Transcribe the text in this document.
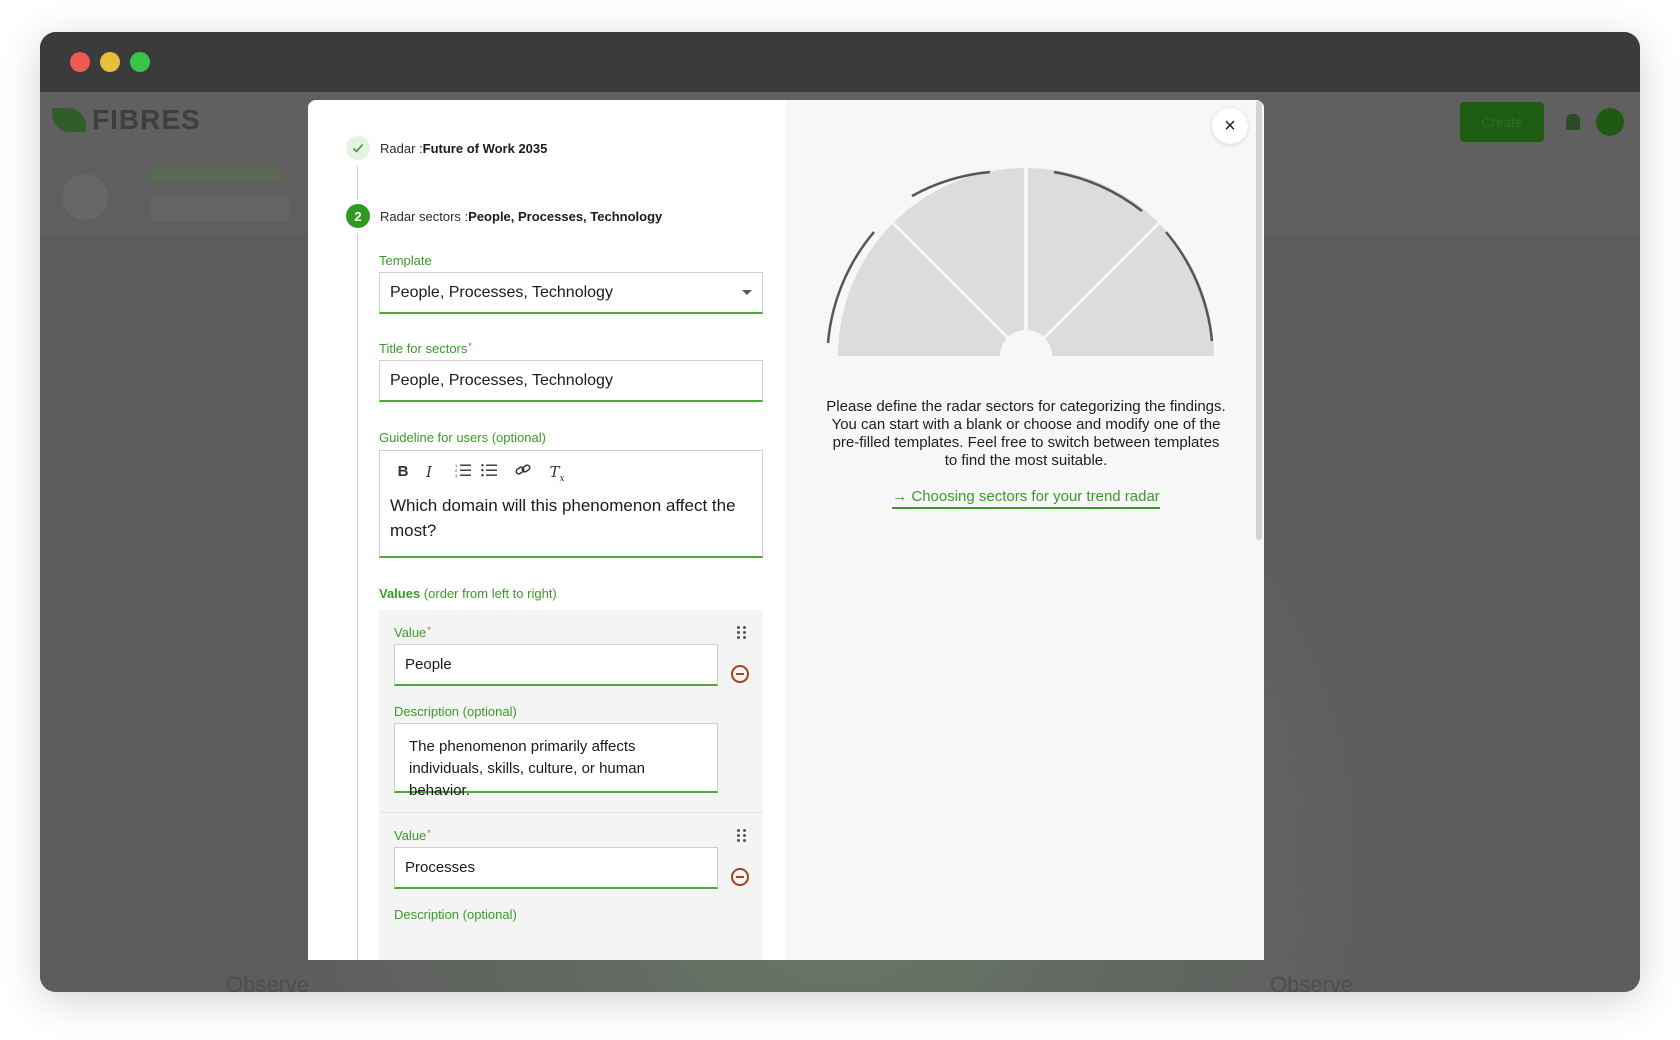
FIBRES	Create
Observe	Observe
Radar : Future of Work 2035
2	Radar sectors : People, Processes, Technology
Template
People, Processes, Technology
Title for sectors*
People, Processes, Technology
Guideline for users (optional)
B	I	1
2
3	$T_x$
Which domain will this phenomenon affect the most?
Values (order from left to right)
Value*
People
Description (optional)
The phenomenon primarily affects individuals, skills, culture, or human behavior.
Value*
Processes
Description (optional)
Please define the radar sectors for categorizing the findings. You can start with a blank or choose and modify one of the pre-filled templates. Feel free to switch between templates to find the most suitable.
→ Choosing sectors for your trend radar
×
